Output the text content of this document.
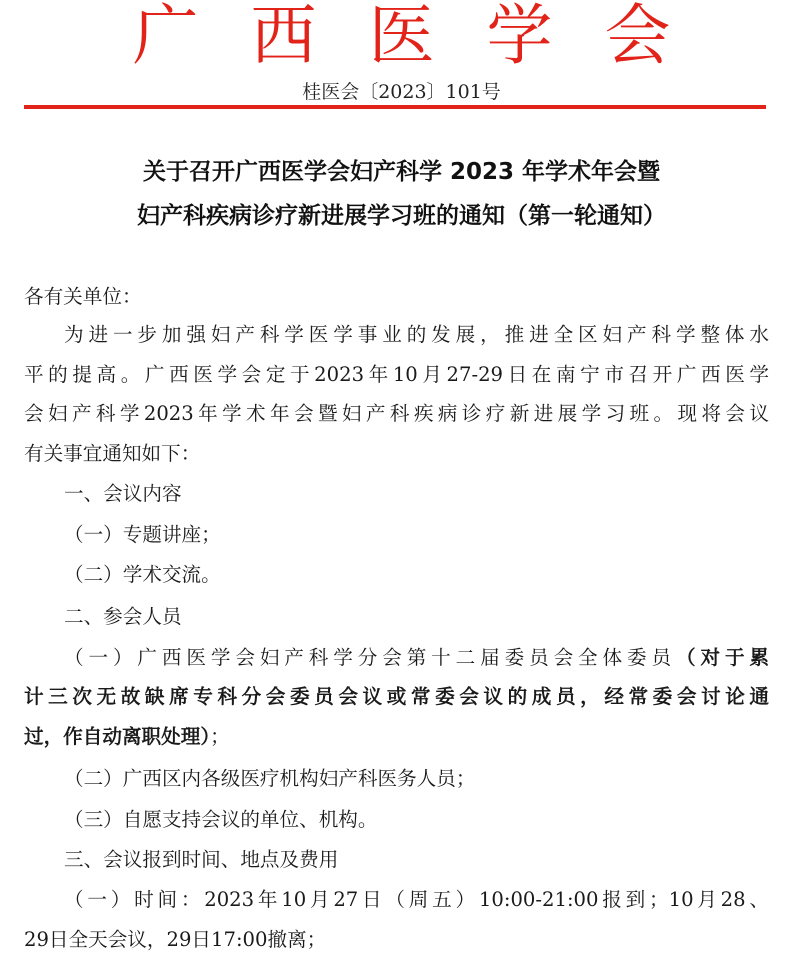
广西医学会
桂医会〔2023〕101号
关于召开广西医学会妇产科学 2023 年学术年会暨
妇产科疾病诊疗新进展学习班的通知（第一轮通知）
各有关单位：
为进一步加强妇产科学医学事业的发展，推进全区妇产科学整体水
平的提高。广西医学会定于2023年10月27-29日在南宁市召开广西医学
会妇产科学2023年学术年会暨妇产科疾病诊疗新进展学习班。现将会议
有关事宜通知如下：
一、会议内容
（一）专题讲座；
（二）学术交流。
二、参会人员
（一）广西医学会妇产科学分会第十二届委员会全体委员（对于累
计三次无故缺席专科分会委员会议或常委会议的成员，经常委会讨论通
过，作自动离职处理）；
（二）广西区内各级医疗机构妇产科医务人员；
（三）自愿支持会议的单位、机构。
三、会议报到时间、地点及费用
（一）时间：2023年10月27日（周五）10:00-21:00报到；10月28、
29日全天会议，29日17:00撤离；
